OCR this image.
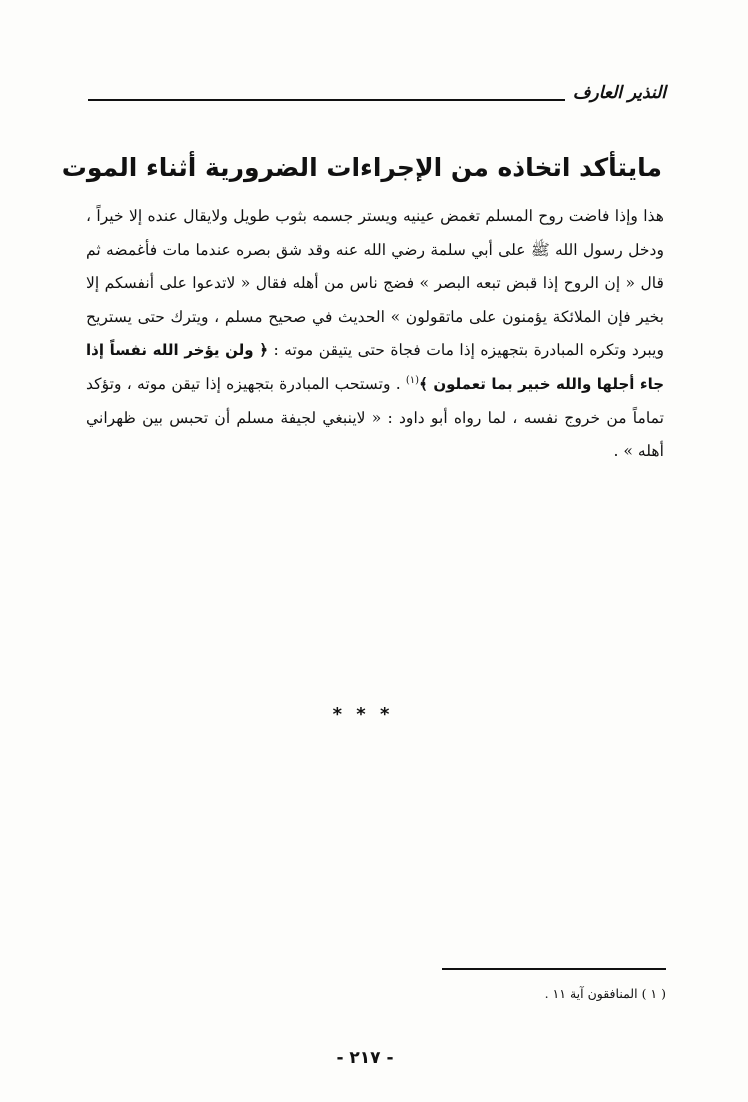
النذير العارف
مايتأكد اتخاذه من الإجراءات الضرورية أثناء الموت
هذا وإذا فاضت روح المسلم تغمض عينيه ويستر جسمه بثوب طويل ولايقال عنده إلا خيراً ، ودخل رسول الله ﷺ على أبي سلمة رضي الله عنه وقد شق بصره عندما مات فأغمضه ثم قال « إن الروح إذا قبض تبعه البصر » فضج ناس من أهله فقال « لاتدعوا على أنفسكم إلا بخير فإن الملائكة يؤمنون على ماتقولون » الحديث في صحيح مسلم ، ويترك حتى يستريح ويبرد وتكره المبادرة بتجهيزه إذا مات فجاة حتى يتيقن موته : ﴿ ولن يؤخر الله نفساً إذا جاء أجلها والله خبير بما تعملون ﴾$^{(١)}$ . وتستحب المبادرة بتجهيزه إذا تيقن موته ، وتؤكد تماماً من خروج نفسه ، لما رواه أبو داود : « لاينبغي لجيفة مسلم أن تحبس بين ظهراني أهله » .
* * *
( ١ ) المنافقون آية ١١ .
- ٢١٧ -
